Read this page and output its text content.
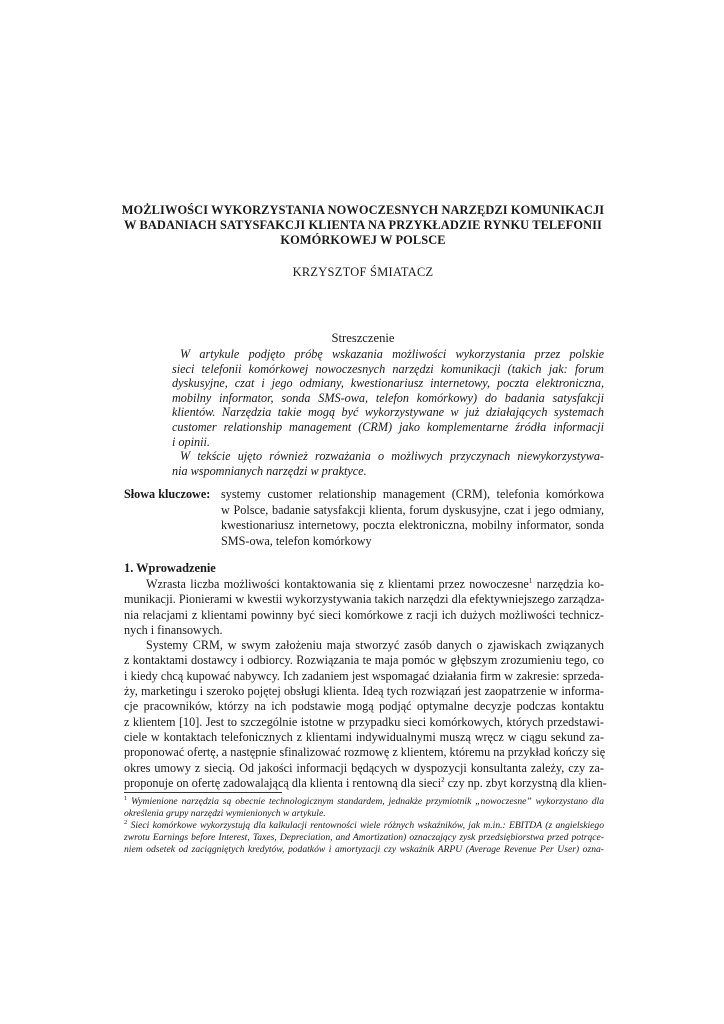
MOŻLIWOŚCI WYKORZYSTANIA NOWOCZESNYCH NARZĘDZI KOMUNIKACJI
W BADANIACH SATYSFAKCJI KLIENTA NA PRZYKŁADZIE RYNKU TELEFONII
KOMÓRKOWEJ W POLSCE
KRZYSZTOF ŚMIATACZ
Streszczenie
W artykule podjęto próbę wskazania możliwości wykorzystania przez polskie
sieci telefonii komórkowej nowoczesnych narzędzi komunikacji (takich jak: forum
dyskusyjne, czat i jego odmiany, kwestionariusz internetowy, poczta elektroniczna,
mobilny informator, sonda SMS-owa, telefon komórkowy) do badania satysfakcji
klientów. Narzędzia takie mogą być wykorzystywane w już działających systemach
customer relationship management (CRM) jako komplementarne źródła informacji
i opinii.
W tekście ujęto również rozważania o możliwych przyczynach niewykorzystywa-
nia wspomnianych narzędzi w praktyce.
Słowa kluczowe: systemy customer relationship management (CRM), telefonia komórkowa
w Polsce, badanie satysfakcji klienta, forum dyskusyjne, czat i jego odmiany,
kwestionariusz internetowy, poczta elektroniczna, mobilny informator, sonda
SMS-owa, telefon komórkowy
1. Wprowadzenie
Wzrasta liczba możliwości kontaktowania się z klientami przez nowoczesne$^1$ narzędzia ko-
munikacji. Pionierami w kwestii wykorzystywania takich narzędzi dla efektywniejszego zarządza-
nia relacjami z klientami powinny być sieci komórkowe z racji ich dużych możliwości technicz-
nych i finansowych.
Systemy CRM, w swym założeniu maja stworzyć zasób danych o zjawiskach związanych
z kontaktami dostawcy i odbiorcy. Rozwiązania te maja pomóc w głębszym zrozumieniu tego, co
i kiedy chcą kupować nabywcy. Ich zadaniem jest wspomagać działania firm w zakresie: sprzeda-
ży, marketingu i szeroko pojętej obsługi klienta. Ideą tych rozwiązań jest zaopatrzenie w informa-
cje pracowników, którzy na ich podstawie mogą podjąć optymalne decyzje podczas kontaktu
z klientem [10]. Jest to szczególnie istotne w przypadku sieci komórkowych, których przedstawi-
ciele w kontaktach telefonicznych z klientami indywidualnymi muszą wręcz w ciągu sekund za-
proponować ofertę, a następnie sfinalizować rozmowę z klientem, któremu na przykład kończy się
okres umowy z siecią. Od jakości informacji będących w dyspozycji konsultanta zależy, czy za-
proponuje on ofertę zadowalającą dla klienta i rentowną dla sieci$^2$ czy np. zbyt korzystną dla klien-
$^1$ Wymienione narzędzia są obecnie technologicznym standardem, jednakże przymiotnik „nowoczesne” wykorzystano dla
określenia grupy narzędzi wymienionych w artykule.
$^2$ Sieci komórkowe wykorzystują dla kalkulacji rentowności wiele różnych wskaźników, jak m.in.: EBITDA (z angielskiego
zwrotu Earnings before Interest, Taxes, Depreciation, and Amortization) oznaczający zysk przedsiębiorstwa przed potrące-
niem odsetek od zaciągniętych kredytów, podatków i amortyzacji czy wskaźnik ARPU (Average Revenue Per User) ozna-
